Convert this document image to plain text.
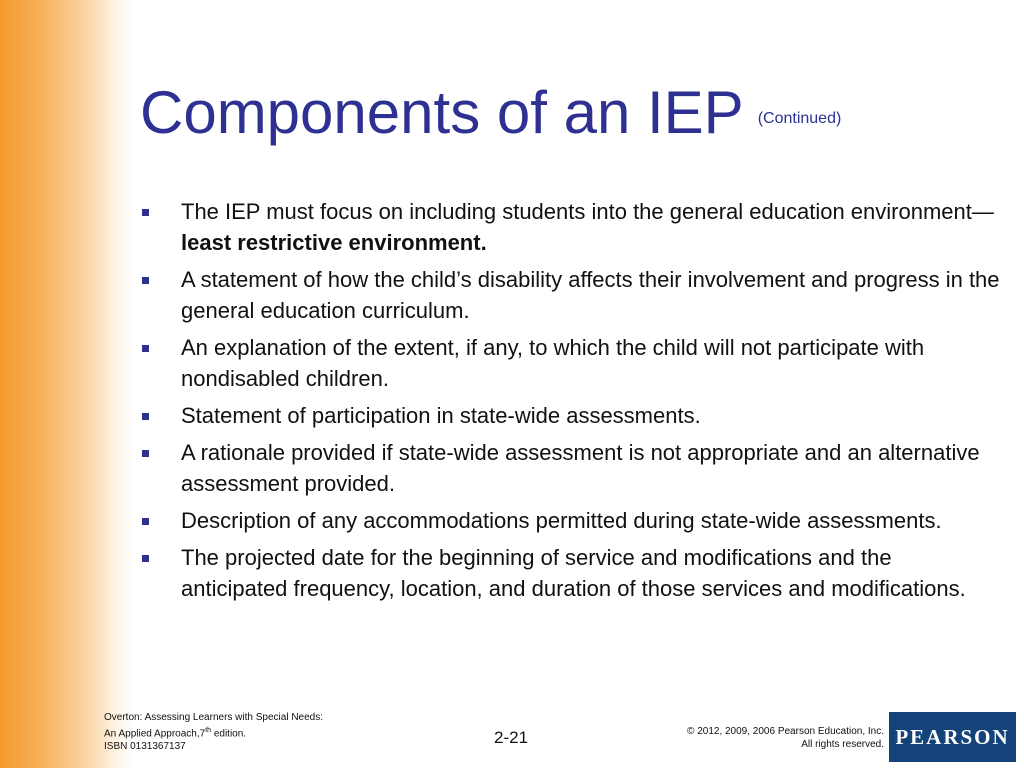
Components of an IEP (Continued)
The IEP must focus on including students into the general education environment—least restrictive environment.
A statement of how the child’s disability affects their involvement and progress in the general education curriculum.
An explanation of the extent, if any, to which the child will not participate with nondisabled children.
Statement of participation in state-wide assessments.
A rationale provided if state-wide assessment is not appropriate and an alternative assessment provided.
Description of any accommodations permitted during state-wide assessments.
The projected date for the beginning of service and modifications and the anticipated frequency, location, and duration of those services and modifications.
Overton: Assessing Learners with Special Needs:
An Applied Approach,7th edition.
ISBN 0131367137	2-21	© 2012, 2009, 2006 Pearson Education, Inc.
All rights reserved. PEARSON
